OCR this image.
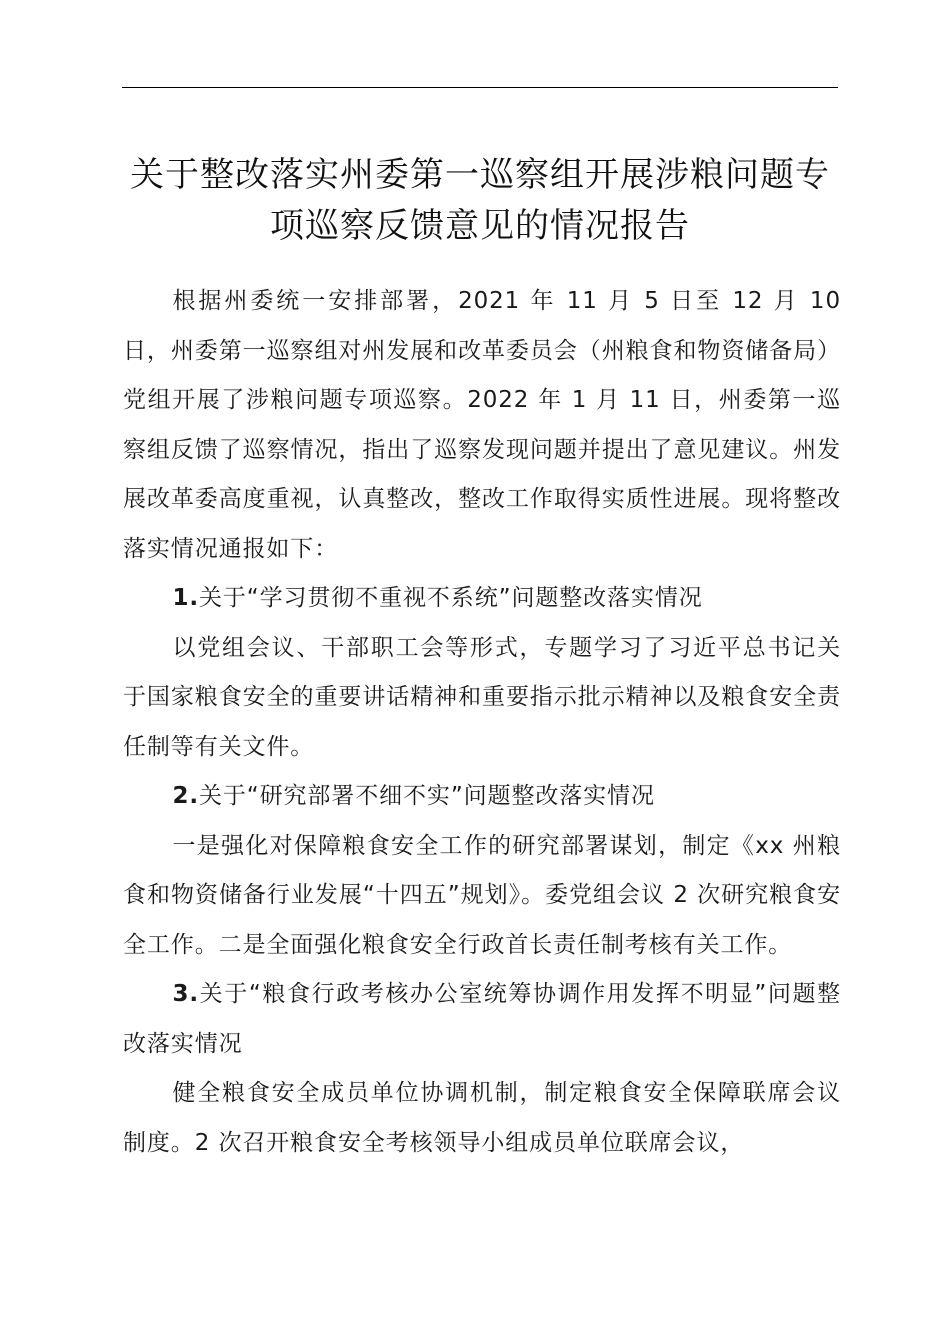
关于整改落实州委第一巡察组开展涉粮问题专
项巡察反馈意见的情况报告

根据州委统一安排部署，2021 年 11 月 5 日至 12 月 10 日，州委第一巡察组对州发展和改革委员会（州粮食和物资储备局）党组开展了涉粮问题专项巡察。2022 年 1 月 11 日，州委第一巡察组反馈了巡察情况，指出了巡察发现问题并提出了意见建议。州发展改革委高度重视，认真整改，整改工作取得实质性进展。现将整改落实情况通报如下：

1.关于“学习贯彻不重视不系统”问题整改落实情况

以党组会议、干部职工会等形式，专题学习了习近平总书记关于国家粮食安全的重要讲话精神和重要指示批示精神以及粮食安全责任制等有关文件。

2.关于“研究部署不细不实”问题整改落实情况

一是强化对保障粮食安全工作的研究部署谋划，制定《xx 州粮食和物资储备行业发展“十四五”规划》。委党组会议 2 次研究粮食安全工作。二是全面强化粮食安全行政首长责任制考核有关工作。

3.关于“粮食行政考核办公室统筹协调作用发挥不明显”问题整改落实情况

健全粮食安全成员单位协调机制，制定粮食安全保障联席会议制度。2 次召开粮食安全考核领导小组成员单位联席会议，
